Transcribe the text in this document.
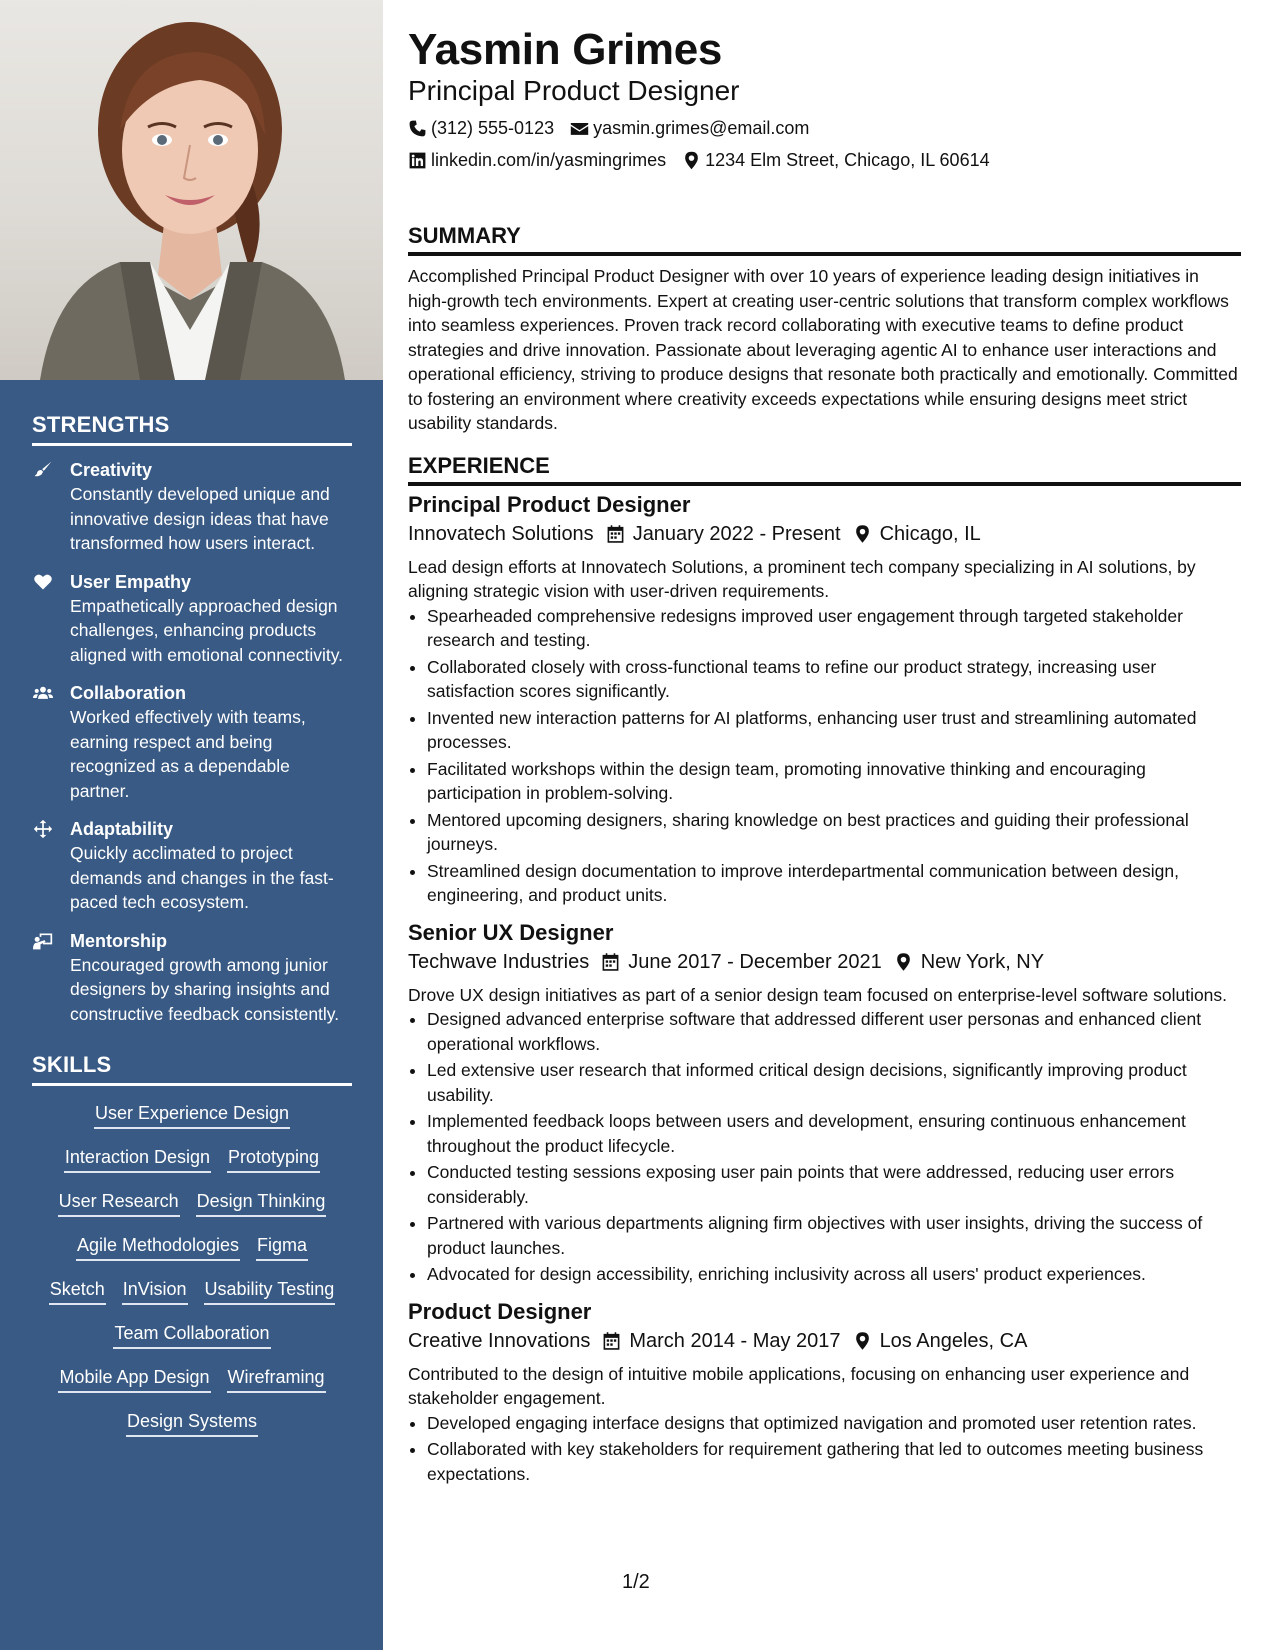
STRENGTHS
Creativity
Constantly developed unique and innovative design ideas that have transformed how users interact.
User Empathy
Empathetically approached design challenges, enhancing products aligned with emotional connectivity.
Collaboration
Worked effectively with teams, earning respect and being recognized as a dependable partner.
Adaptability
Quickly acclimated to project demands and changes in the fast-paced tech ecosystem.
Mentorship
Encouraged growth among junior designers by sharing insights and constructive feedback consistently.
SKILLS
User Experience Design
Interaction Design Prototyping
User Research Design Thinking
Agile Methodologies Figma
Sketch InVision Usability Testing
Team Collaboration
Mobile App Design Wireframing
Design Systems
Yasmin Grimes
Principal Product Designer
(312) 555-0123 yasmin.grimes@email.com
linkedin.com/in/yasmingrimes 1234 Elm Street, Chicago, IL 60614
SUMMARY
Accomplished Principal Product Designer with over 10 years of experience leading design initiatives in high-growth tech environments. Expert at creating user-centric solutions that transform complex workflows into seamless experiences. Proven track record collaborating with executive teams to define product strategies and drive innovation. Passionate about leveraging agentic AI to enhance user interactions and operational efficiency, striving to produce designs that resonate both practically and emotionally. Committed to fostering an environment where creativity exceeds expectations while ensuring designs meet strict usability standards.
EXPERIENCE
Principal Product Designer
Innovatech Solutions January 2022 - Present Chicago, IL
Lead design efforts at Innovatech Solutions, a prominent tech company specializing in AI solutions, by aligning strategic vision with user-driven requirements.
• Spearheaded comprehensive redesigns improved user engagement through targeted stakeholder research and testing.
• Collaborated closely with cross-functional teams to refine our product strategy, increasing user satisfaction scores significantly.
• Invented new interaction patterns for AI platforms, enhancing user trust and streamlining automated processes.
• Facilitated workshops within the design team, promoting innovative thinking and encouraging participation in problem-solving.
• Mentored upcoming designers, sharing knowledge on best practices and guiding their professional journeys.
• Streamlined design documentation to improve interdepartmental communication between design, engineering, and product units.
Senior UX Designer
Techwave Industries June 2017 - December 2021 New York, NY
Drove UX design initiatives as part of a senior design team focused on enterprise-level software solutions.
• Designed advanced enterprise software that addressed different user personas and enhanced client operational workflows.
• Led extensive user research that informed critical design decisions, significantly improving product usability.
• Implemented feedback loops between users and development, ensuring continuous enhancement throughout the product lifecycle.
• Conducted testing sessions exposing user pain points that were addressed, reducing user errors considerably.
• Partnered with various departments aligning firm objectives with user insights, driving the success of product launches.
• Advocated for design accessibility, enriching inclusivity across all users' product experiences.
Product Designer
Creative Innovations March 2014 - May 2017 Los Angeles, CA
Contributed to the design of intuitive mobile applications, focusing on enhancing user experience and stakeholder engagement.
• Developed engaging interface designs that optimized navigation and promoted user retention rates.
• Collaborated with key stakeholders for requirement gathering that led to outcomes meeting business expectations.
1/2
